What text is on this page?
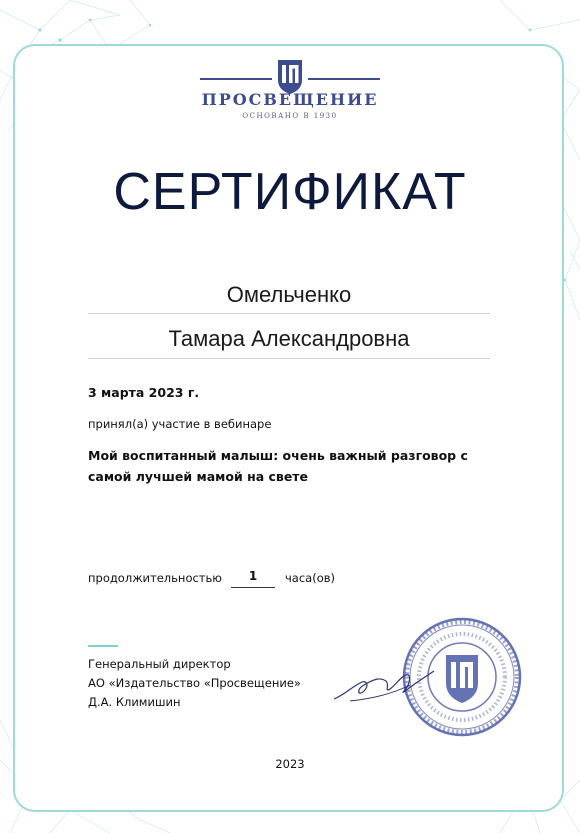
ПРОСВЕЩЕНИЕ
ОСНОВАНО В 1930
СЕРТИФИКАТ
Омельченко
Тамара Александровна
3 марта 2023 г.
принял(а) участие в вебинаре
Мой воспитанный малыш: очень важный разговор с самой лучшей мамой на свете
продолжительностью	1	часа(ов)
Генеральный директор
АО «Издательство «Просвещение»
Д.А. Климишин
2023
